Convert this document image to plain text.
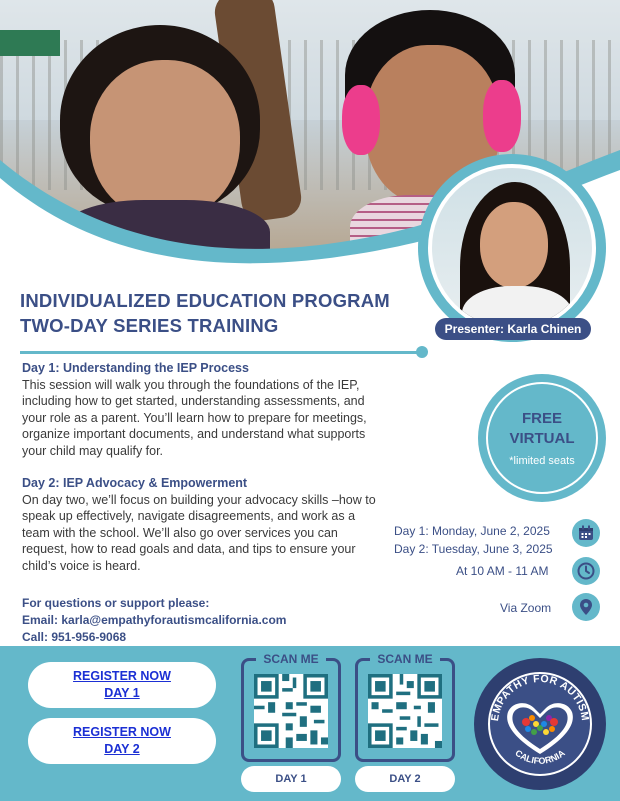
Presenter: Karla Chinen
INDIVIDUALIZED EDUCATION PROGRAM
TWO-DAY SERIES TRAINING
Day 1: Understanding the IEP Process

This session will walk you through the foundations of the IEP, including how to get started, understanding assessments, and your role as a parent. You’ll learn how to prepare for meetings, organize important documents, and understand what supports your child may qualify for.

Day 2: IEP Advocacy & Empowerment

On day two, we’ll focus on building your advocacy skills –how to speak up effectively, navigate disagreements, and work as a team with the school. We’ll also go over services you can request, how to read goals and data, and tips to ensure your child’s voice is heard.

For questions or support please:
Email: karla@empathyforautismcalifornia.com
Call: 951-956-9068
FREE
VIRTUAL
*limited seats
Day 1: Monday, June 2, 2025
Day 2: Tuesday, June 3, 2025
At 10 AM - 11 AM
Via Zoom
REGISTER NOW
DAY 1
REGISTER NOW
DAY 2
SCAN ME
DAY 1
SCAN ME
DAY 2
EMPATHY FOR AUTISM
CALIFORNIA
